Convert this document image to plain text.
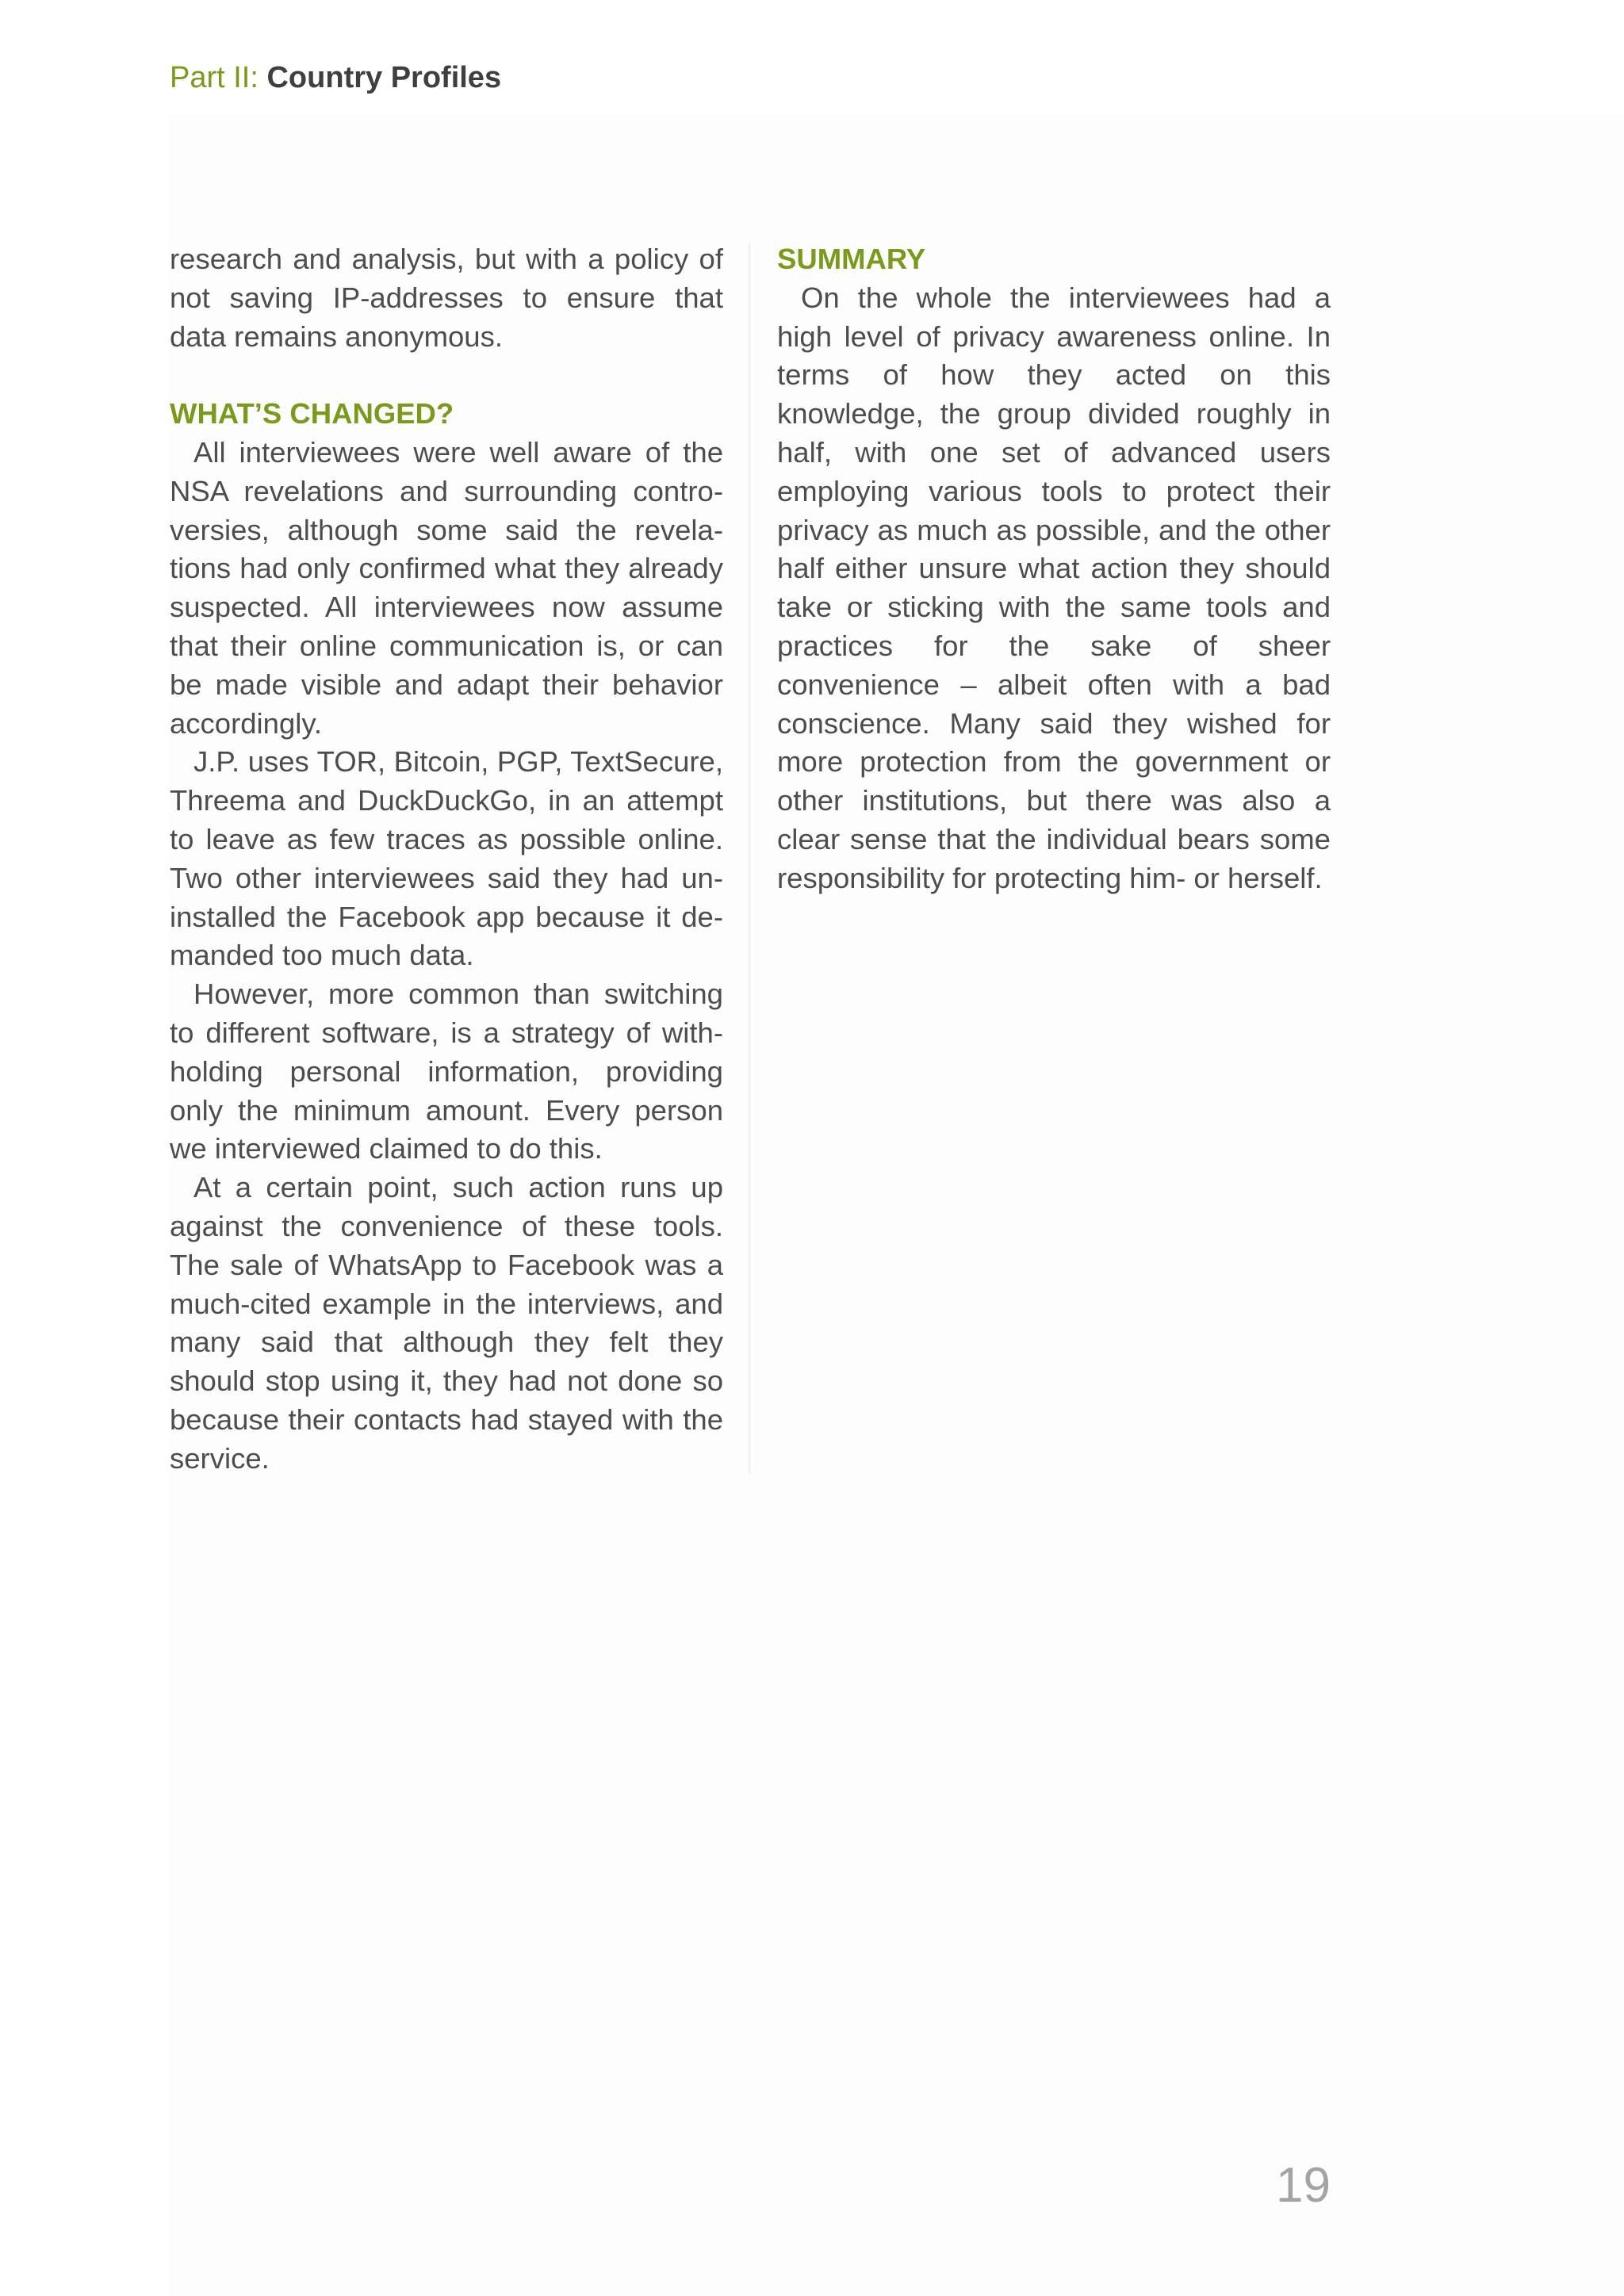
Part II: Country Profiles

research and analysis, but with a policy of not saving IP-addresses to ensure that data remains anonymous.

WHAT’S CHANGED?

All interviewees were well aware of the NSA revelations and surrounding controversies, although some said the revelations had only confirmed what they already suspected. All interviewees now assume that their online communication is, or can be made visible and adapt their behavior accordingly.

J.P. uses TOR, Bitcoin, PGP, TextSecure, Threema and DuckDuckGo, in an attempt to leave as few traces as possible online. Two other interviewees said they had uninstalled the Facebook app because it demanded too much data.

However, more common than switching to different software, is a strategy of withholding personal information, providing only the minimum amount. Every person we interviewed claimed to do this.

At a certain point, such action runs up against the convenience of these tools. The sale of WhatsApp to Facebook was a much-cited example in the interviews, and many said that although they felt they should stop using it, they had not done so because their contacts had stayed with the service.

SUMMARY

On the whole the interviewees had a high level of privacy awareness online. In terms of how they acted on this knowledge, the group divided roughly in half, with one set of advanced users employing various tools to protect their privacy as much as possible, and the other half either unsure what action they should take or sticking with the same tools and practices for the sake of sheer convenience – albeit often with a bad conscience. Many said they wished for more protection from the government or other institutions, but there was also a clear sense that the individual bears some responsibility for protecting him- or herself.

19
